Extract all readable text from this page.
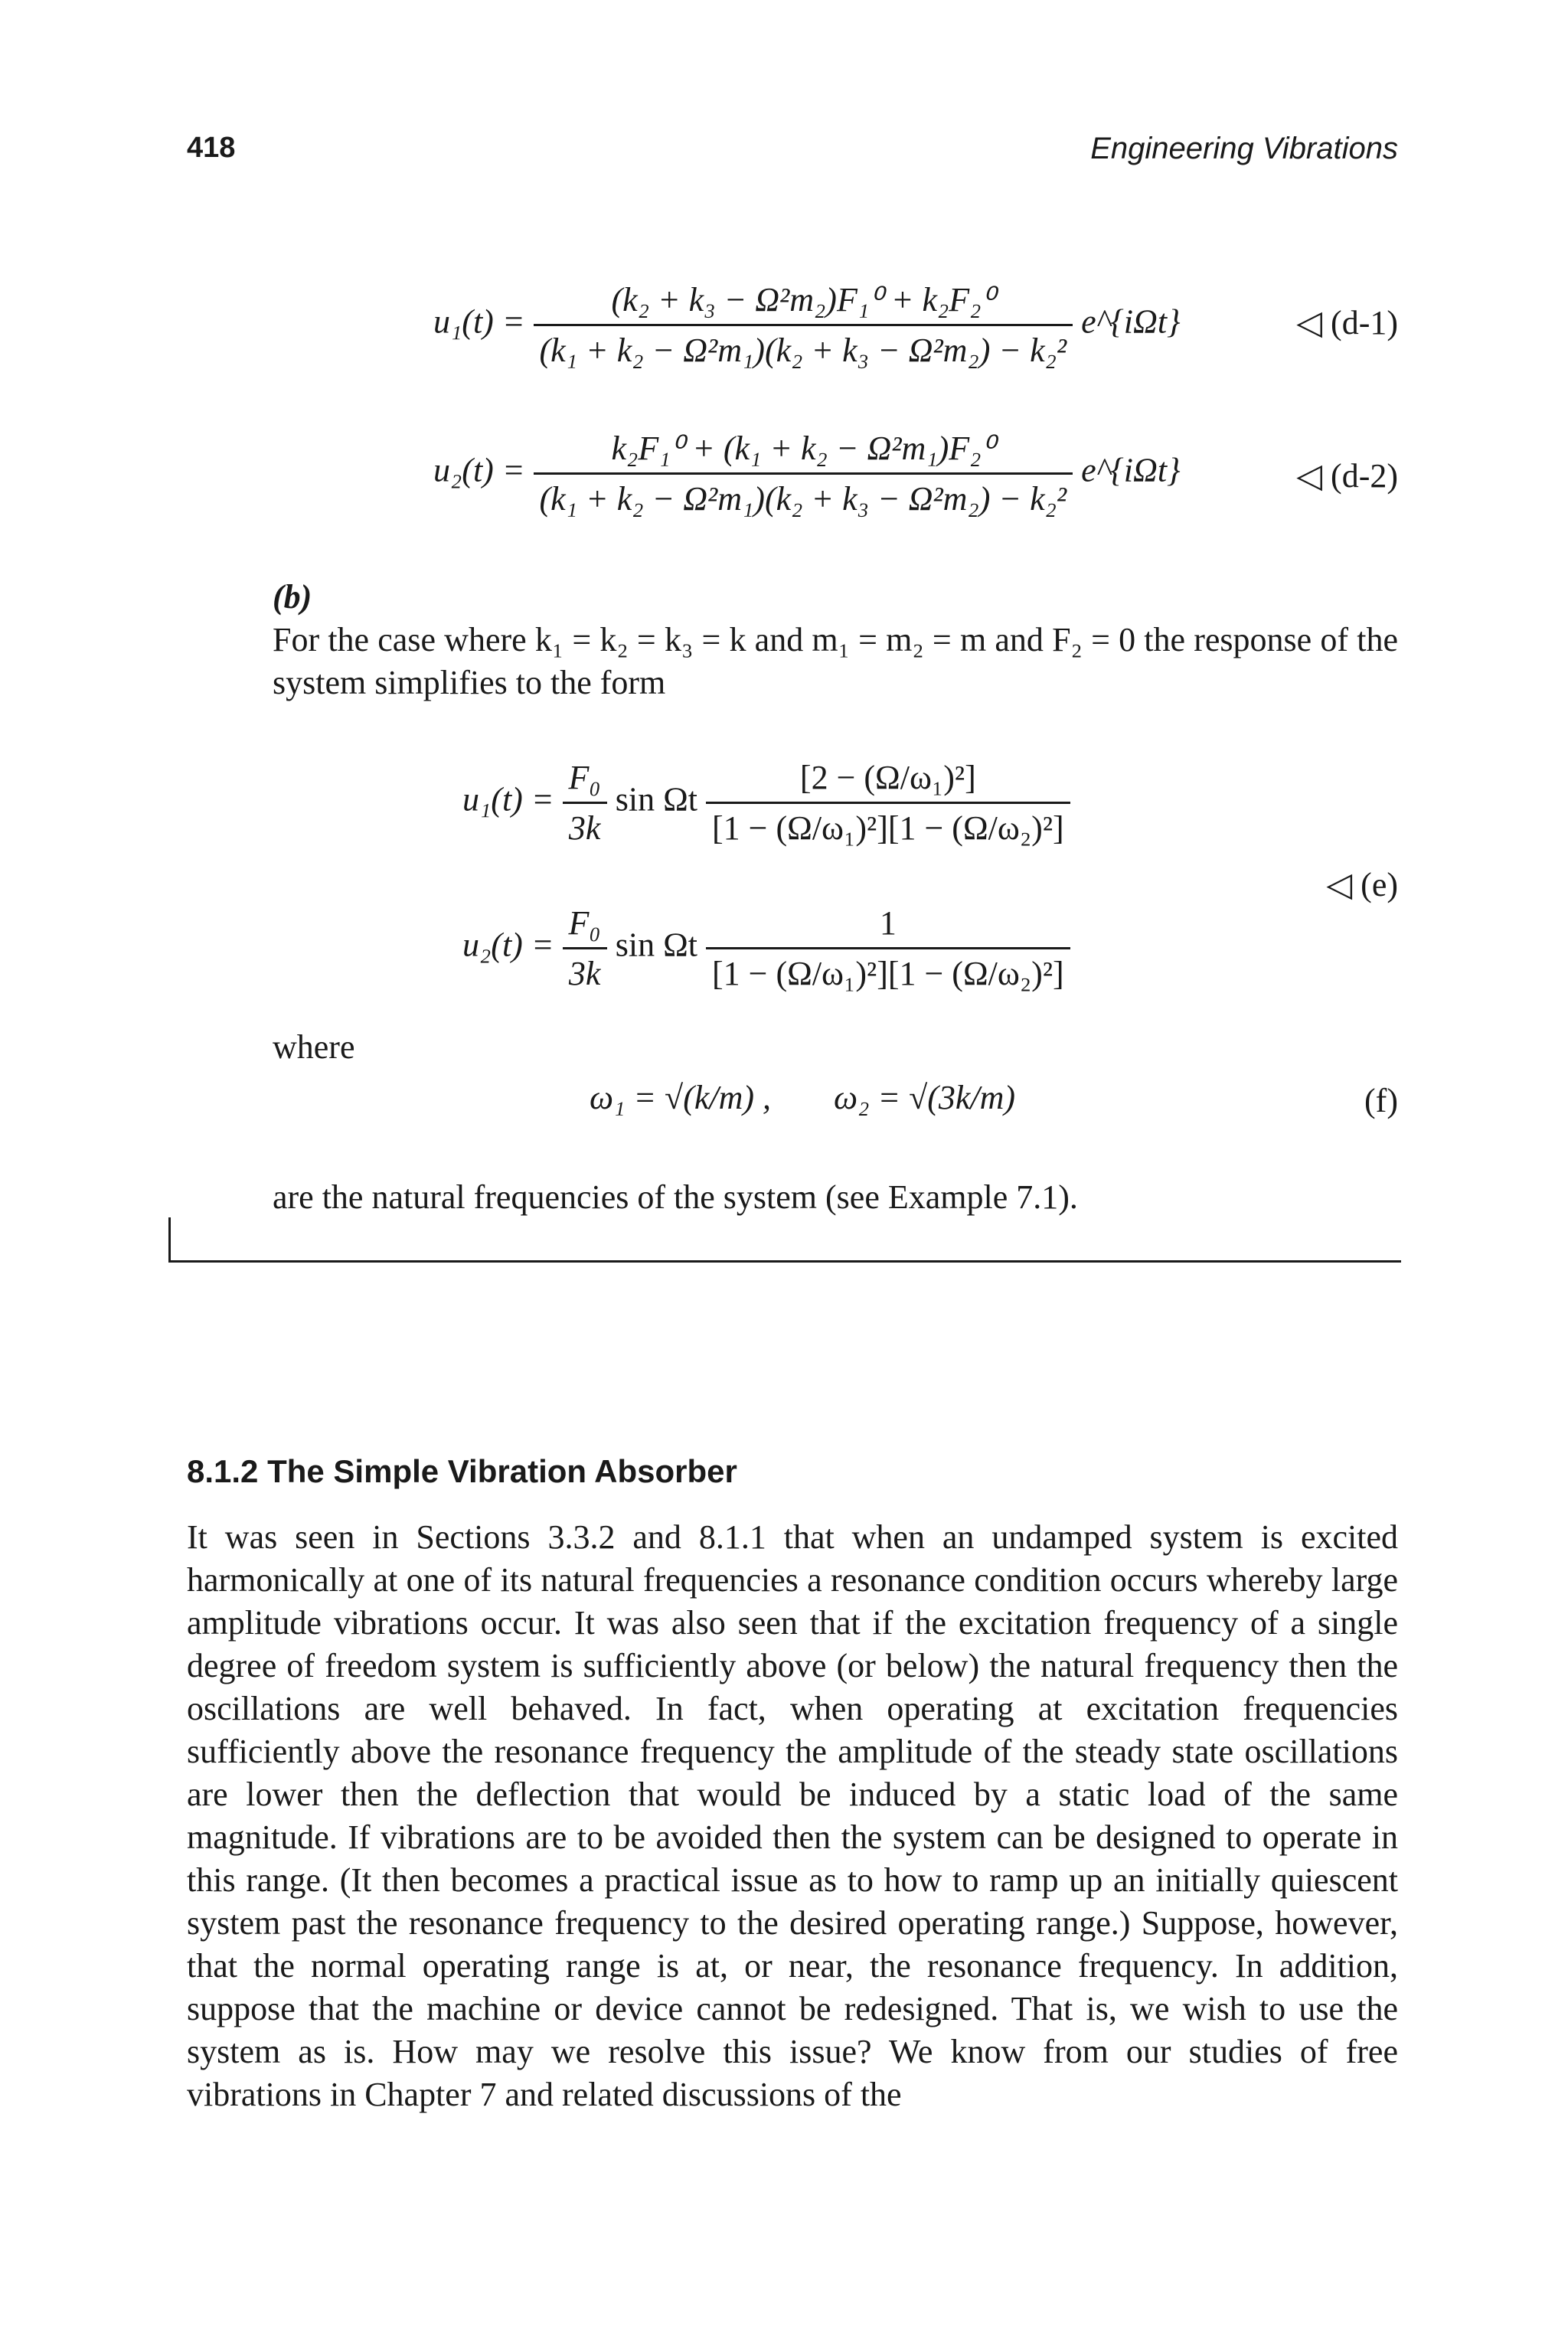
418	Engineering Vibrations
$u_1(t) = \frac{\text{(k₂ + k₃ − Ω²m₂)F₁⁰ + k₂F₂⁰}}{\text{(k₁ + k₂ − Ω²m₁)(k₂ + k₃ − Ω²m₂) − k₂²}}$ e^{iΩt}	◁ (d-1)
$u_2(t) = \frac{\text{k₂F₁⁰ + (k₁ + k₂ − Ω²m₁)F₂⁰}}{\text{(k₁ + k₂ − Ω²m₁)(k₂ + k₃ − Ω²m₂) − k₂²}}$ e^{iΩt}	◁ (d-2)
(b)
For the case where k₁ = k₂ = k₃ = k and m₁ = m₂ = m and F₂ = 0 the response of the system simplifies to the form
$u_1(t) = \frac{\text{F₀}}{3k}$ sin Ωt $\frac{\text{[2 − (Ω/ω₁)²]}}{\text{[1 − (Ω/ω₁)²][1 − (Ω/ω₂)²]}}$
$u_2(t) = \frac{\text{F₀}}{3k}$ sin Ωt $\frac{1}{\text{[1 − (Ω/ω₁)²][1 − (Ω/ω₂)²]}}$
◁ (e)
where
ω₁ = √(k/m) , ω₂ = √(3k/m)	(f)
are the natural frequencies of the system (see Example 7.1).
8.1.2 The Simple Vibration Absorber
It was seen in Sections 3.3.2 and 8.1.1 that when an undamped system is excited harmonically at one of its natural frequencies a resonance condition occurs whereby large amplitude vibrations occur. It was also seen that if the excitation frequency of a single degree of freedom system is sufficiently above (or below) the natural frequency then the oscillations are well behaved. In fact, when operating at excitation frequencies sufficiently above the resonance frequency the amplitude of the steady state oscillations are lower then the deflection that would be induced by a static load of the same magnitude. If vibrations are to be avoided then the system can be designed to operate in this range. (It then becomes a practical issue as to how to ramp up an initially quiescent system past the resonance frequency to the desired operating range.) Suppose, however, that the normal operating range is at, or near, the resonance frequency. In addition, suppose that the machine or device cannot be redesigned. That is, we wish to use the system as is. How may we resolve this issue? We know from our studies of free vibrations in Chapter 7 and related discussions of the
